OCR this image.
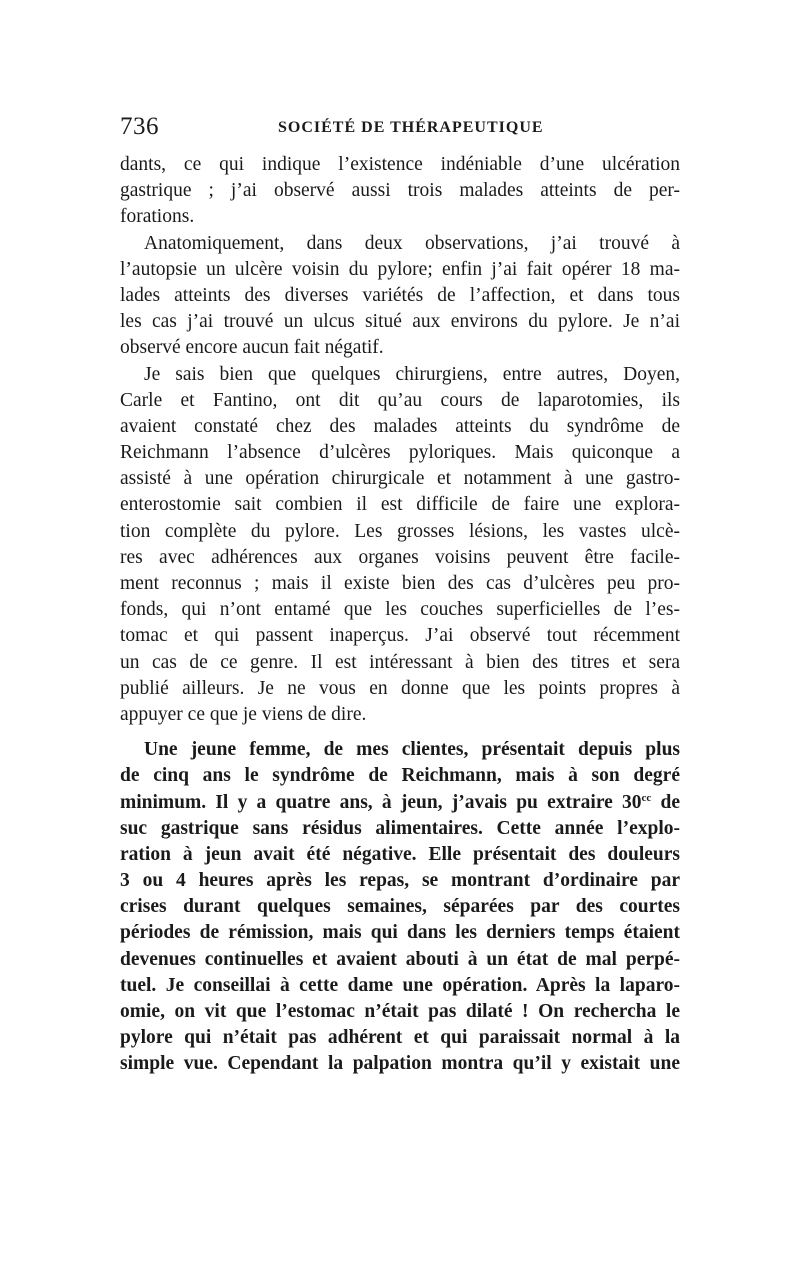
736	SOCIÉTÉ DE THÉRAPEUTIQUE
dants, ce qui indique l’existence indéniable d’une ulcération
gastrique ; j’ai observé aussi trois malades atteints de per-
forations.
Anatomiquement, dans deux observations, j’ai trouvé à
l’autopsie un ulcère voisin du pylore; enfin j’ai fait opérer 18 ma-
lades atteints des diverses variétés de l’affection, et dans tous
les cas j’ai trouvé un ulcus situé aux environs du pylore. Je n’ai
observé encore aucun fait négatif.
Je sais bien que quelques chirurgiens, entre autres, Doyen,
Carle et Fantino, ont dit qu’au cours de laparotomies, ils
avaient constaté chez des malades atteints du syndrôme de
Reichmann l’absence d’ulcères pyloriques. Mais quiconque a
assisté à une opération chirurgicale et notamment à une gastro-
enterostomie sait combien il est difficile de faire une explora-
tion complète du pylore. Les grosses lésions, les vastes ulcè-
res avec adhérences aux organes voisins peuvent être facile-
ment reconnus ; mais il existe bien des cas d’ulcères peu pro-
fonds, qui n’ont entamé que les couches superficielles de l’es-
tomac et qui passent inaperçus. J’ai observé tout récemment
un cas de ce genre. Il est intéressant à bien des titres et sera
publié ailleurs. Je ne vous en donne que les points propres à
appuyer ce que je viens de dire.
Une jeune femme, de mes clientes, présentait depuis plus
de cinq ans le syndrôme de Reichmann, mais à son degré
minimum. Il y a quatre ans, à jeun, j’avais pu extraire $30^{cc}$ de
suc gastrique sans résidus alimentaires. Cette année l’explo-
ration à jeun avait été négative. Elle présentait des douleurs
3 ou 4 heures après les repas, se montrant d’ordinaire par
crises durant quelques semaines, séparées par des courtes
périodes de rémission, mais qui dans les derniers temps étaient
devenues continuelles et avaient abouti à un état de mal perpé-
tuel. Je conseillai à cette dame une opération. Après la laparo-
omie, on vit que l’estomac n’était pas dilaté ! On rechercha le
pylore qui n’était pas adhérent et qui paraissait normal à la
simple vue. Cependant la palpation montra qu’il y existait une
